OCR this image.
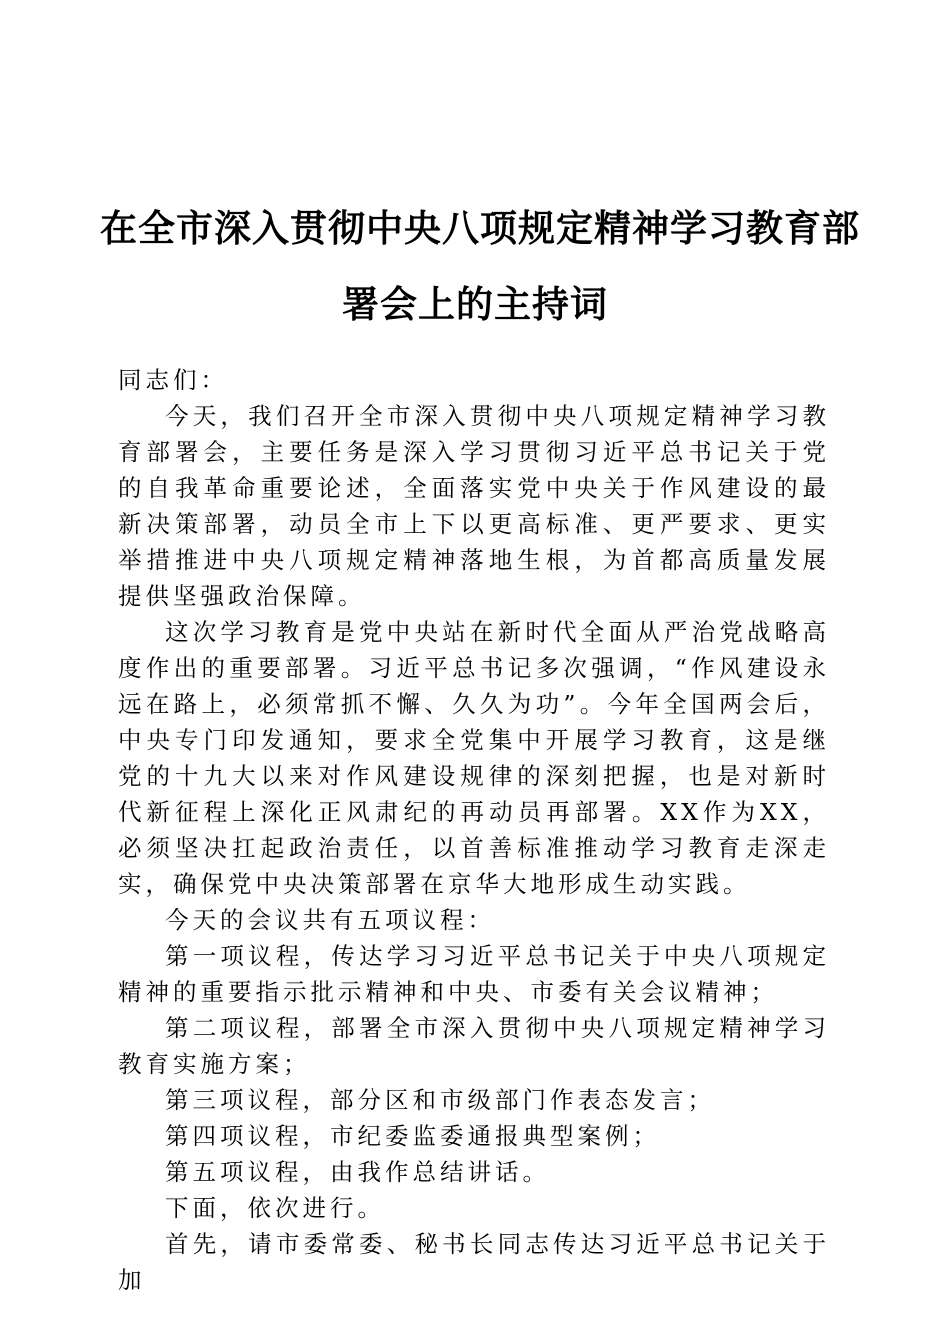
在全市深入贯彻中央八项规定精神学习教育部
署会上的主持词

同志们：

今天，我们召开全市深入贯彻中央八项规定精神学习教育部署会，主要任务是深入学习贯彻习近平总书记关于党的自我革命重要论述，全面落实党中央关于作风建设的最新决策部署，动员全市上下以更高标准、更严要求、更实举措推进中央八项规定精神落地生根，为首都高质量发展提供坚强政治保障。

这次学习教育是党中央站在新时代全面从严治党战略高度作出的重要部署。习近平总书记多次强调，“作风建设永远在路上，必须常抓不懈、久久为功”。今年全国两会后，中央专门印发通知，要求全党集中开展学习教育，这是继党的十九大以来对作风建设规律的深刻把握，也是对新时代新征程上深化正风肃纪的再动员再部署。XX作为XX，必须坚决扛起政治责任，以首善标准推动学习教育走深走实，确保党中央决策部署在京华大地形成生动实践。

今天的会议共有五项议程：

第一项议程，传达学习习近平总书记关于中央八项规定精神的重要指示批示精神和中央、市委有关会议精神；

第二项议程，部署全市深入贯彻中央八项规定精神学习教育实施方案；

第三项议程，部分区和市级部门作表态发言；

第四项议程，市纪委监委通报典型案例；

第五项议程，由我作总结讲话。

下面，依次进行。

首先，请市委常委、秘书长同志传达习近平总书记关于加
